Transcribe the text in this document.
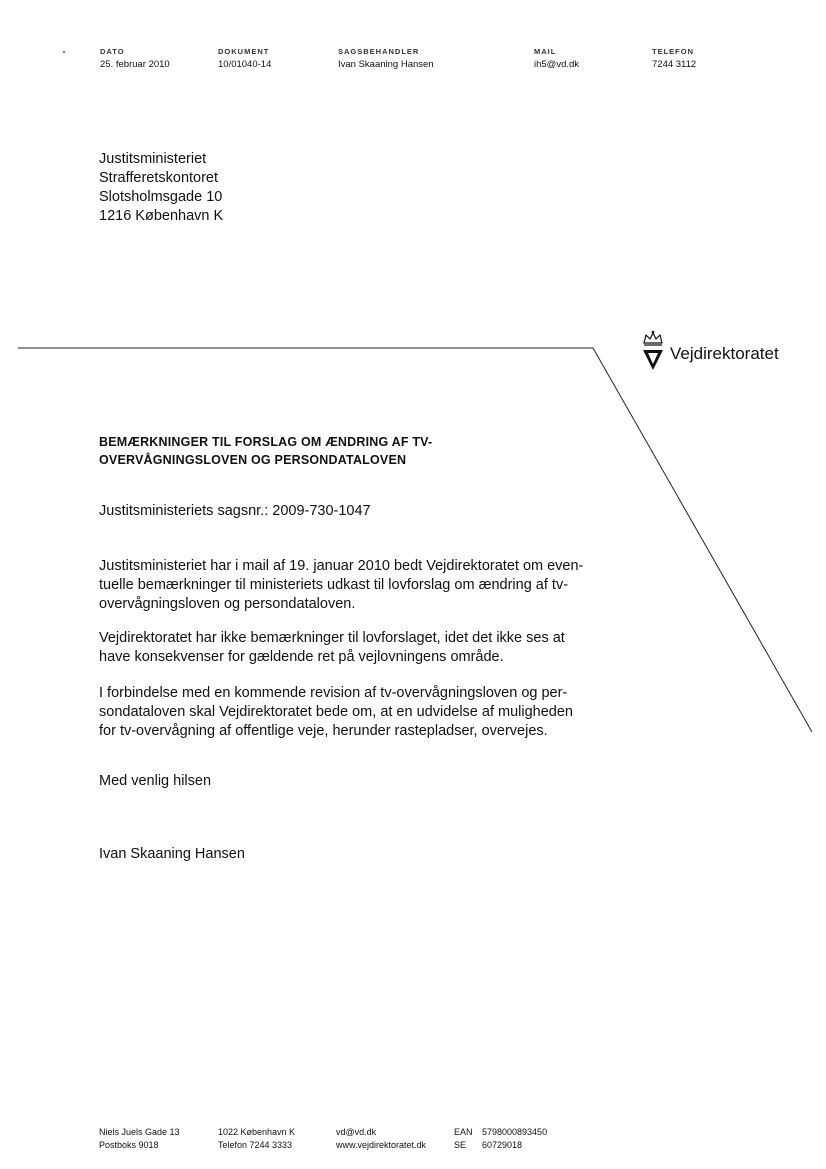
DATO
25. februar 2010
DOKUMENT
10/01040-14
SAGSBEHANDLER
Ivan Skaaning Hansen
MAIL
ih5@vd.dk
TELEFON
7244 3112
Justitsministeriet
Strafferetskontoret
Slotsholmsgade 10
1216 København K
Vejdirektoratet
BEMÆRKNINGER TIL FORSLAG OM ÆNDRING AF TV-OVERVÅGNINGSLOVEN OG PERSONDATALOVEN
Justitsministeriets sagsnr.: 2009-730-1047
Justitsministeriet har i mail af 19. januar 2010 bedt Vejdirektoratet om even-
tuelle bemærkninger til ministeriets udkast til lovforslag om ændring af tv-
overvågningsloven og persondataloven.
Vejdirektoratet har ikke bemærkninger til lovforslaget, idet det ikke ses at
have konsekvenser for gældende ret på vejlovningens område.
I forbindelse med en kommende revision af tv-overvågningsloven og per-
sondataloven skal Vejdirektoratet bede om, at en udvidelse af muligheden
for tv-overvågning af offentlige veje, herunder rastepladser, overvejes.
Med venlig hilsen
Ivan Skaaning Hansen
Niels Juels Gade 13
Postboks 9018
1022 København K
Telefon 7244 3333
vd@vd.dk
www.vejdirektoratet.dk
EAN
SE
5798000893450
60729018
